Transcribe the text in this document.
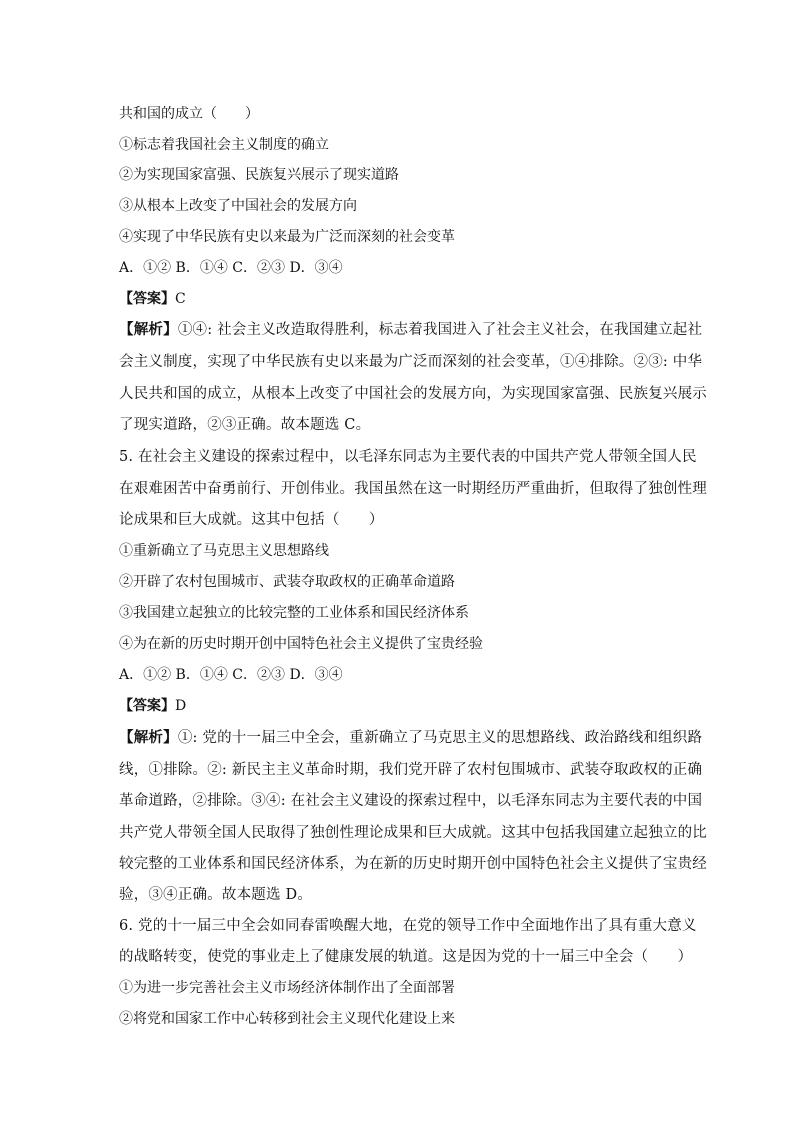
共和国的成立（　　）
①标志着我国社会主义制度的确立
②为实现国家富强、民族复兴展示了现实道路
③从根本上改变了中国社会的发展方向
④实现了中华民族有史以来最为广泛而深刻的社会变革
A．①② B．①④ C．②③ D．③④
【答案】C
【解析】①④: 社会主义改造取得胜利，标志着我国进入了社会主义社会，在我国建立起社
会主义制度，实现了中华民族有史以来最为广泛而深刻的社会变革，①④排除。②③: 中华
人民共和国的成立，从根本上改变了中国社会的发展方向，为实现国家富强、民族复兴展示
了现实道路，②③正确。故本题选 C。
5. 在社会主义建设的探索过程中，以毛泽东同志为主要代表的中国共产党人带领全国人民
在艰难困苦中奋勇前行、开创伟业。我国虽然在这一时期经历严重曲折，但取得了独创性理
论成果和巨大成就。这其中包括（　　）
①重新确立了马克思主义思想路线
②开辟了农村包围城市、武装夺取政权的正确革命道路
③我国建立起独立的比较完整的工业体系和国民经济体系
④为在新的历史时期开创中国特色社会主义提供了宝贵经验
A．①② B．①④ C．②③ D．③④
【答案】D
【解析】①: 党的十一届三中全会，重新确立了马克思主义的思想路线、政治路线和组织路
线，①排除。②: 新民主主义革命时期，我们党开辟了农村包围城市、武装夺取政权的正确
革命道路，②排除。③④: 在社会主义建设的探索过程中，以毛泽东同志为主要代表的中国
共产党人带领全国人民取得了独创性理论成果和巨大成就。这其中包括我国建立起独立的比
较完整的工业体系和国民经济体系，为在新的历史时期开创中国特色社会主义提供了宝贵经
验，③④正确。故本题选 D。
6. 党的十一届三中全会如同春雷唤醒大地，在党的领导工作中全面地作出了具有重大意义
的战略转变，使党的事业走上了健康发展的轨道。这是因为党的十一届三中全会（　　）
①为进一步完善社会主义市场经济体制作出了全面部署
②将党和国家工作中心转移到社会主义现代化建设上来
